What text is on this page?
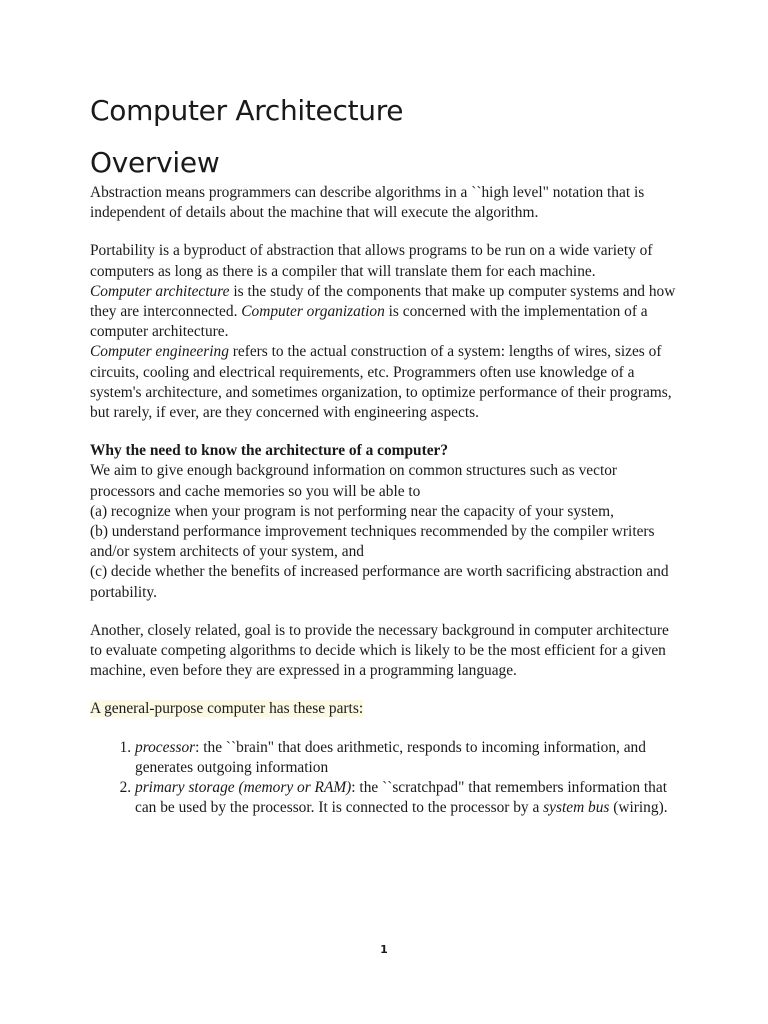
Computer Architecture
Overview

Abstraction means programmers can describe algorithms in a ``high level" notation that is independent of details about the machine that will execute the algorithm.

Portability is a byproduct of abstraction that allows programs to be run on a wide variety of computers as long as there is a compiler that will translate them for each machine.

Computer architecture is the study of the components that make up computer systems and how they are interconnected. Computer organization is concerned with the implementation of a computer architecture.

Computer engineering refers to the actual construction of a system: lengths of wires, sizes of circuits, cooling and electrical requirements, etc. Programmers often use knowledge of a system's architecture, and sometimes organization, to optimize performance of their programs, but rarely, if ever, are they concerned with engineering aspects.

Why the need to know the architecture of a computer?

We aim to give enough background information on common structures such as vector processors and cache memories so you will be able to

(a) recognize when your program is not performing near the capacity of your system,

(b) understand performance improvement techniques recommended by the compiler writers and/or system architects of your system, and

(c) decide whether the benefits of increased performance are worth sacrificing abstraction and portability.

Another, closely related, goal is to provide the necessary background in computer architecture to evaluate competing algorithms to decide which is likely to be the most efficient for a given machine, even before they are expressed in a programming language.

A general-purpose computer has these parts:

1. processor: the ``brain" that does arithmetic, responds to incoming information, and generates outgoing information
2. primary storage (memory or RAM): the ``scratchpad" that remembers information that can be used by the processor. It is connected to the processor by a system bus (wiring).
1
